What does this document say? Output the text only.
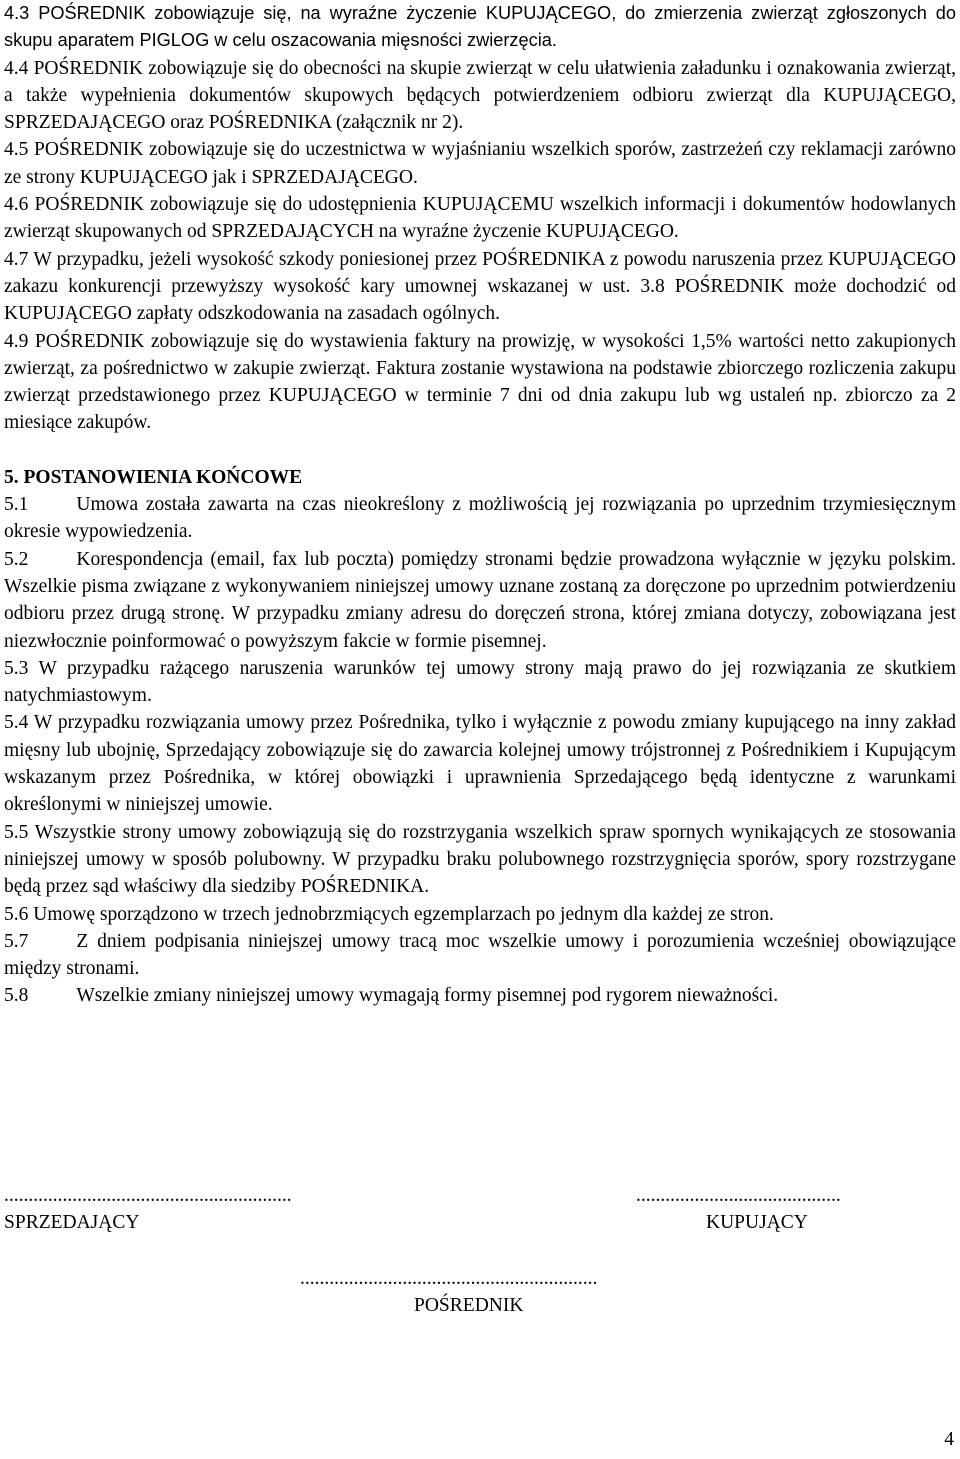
4.3 POŚREDNIK zobowiązuje się, na wyraźne życzenie KUPUJĄCEGO, do zmierzenia zwierząt zgłoszonych do skupu aparatem PIGLOG w celu oszacowania mięsności zwierzęcia.

4.4 POŚREDNIK zobowiązuje się do obecności na skupie zwierząt w celu ułatwienia załadunku i oznakowania zwierząt, a także wypełnienia dokumentów skupowych będących potwierdzeniem odbioru zwierząt dla KUPUJĄCEGO, SPRZEDAJĄCEGO oraz POŚREDNIKA (załącznik nr 2).

4.5 POŚREDNIK zobowiązuje się do uczestnictwa w wyjaśnianiu wszelkich sporów, zastrzeżeń czy reklamacji zarówno ze strony KUPUJĄCEGO jak i SPRZEDAJĄCEGO.

4.6 POŚREDNIK zobowiązuje się do udostępnienia KUPUJĄCEMU wszelkich informacji i dokumentów hodowlanych zwierząt skupowanych od SPRZEDAJĄCYCH na wyraźne życzenie KUPUJĄCEGO.

4.7 W przypadku, jeżeli wysokość szkody poniesionej przez POŚREDNIKA z powodu naruszenia przez KUPUJĄCEGO zakazu konkurencji przewyższy wysokość kary umownej wskazanej w ust. 3.8 POŚREDNIK może dochodzić od KUPUJĄCEGO zapłaty odszkodowania na zasadach ogólnych.

4.9 POŚREDNIK zobowiązuje się do wystawienia faktury na prowizję, w wysokości 1,5% wartości netto zakupionych zwierząt, za pośrednictwo w zakupie zwierząt. Faktura zostanie wystawiona na podstawie zbiorczego rozliczenia zakupu zwierząt przedstawionego przez KUPUJĄCEGO w terminie 7 dni od dnia zakupu lub wg ustaleń np. zbiorczo za 2 miesiące zakupów.

5. POSTANOWIENIA KOŃCOWE

5.1 Umowa została zawarta na czas nieokreślony z możliwością jej rozwiązania po uprzednim trzymiesięcznym okresie wypowiedzenia.
5.2 Korespondencja (email, fax lub poczta) pomiędzy stronami będzie prowadzona wyłącznie w języku polskim. Wszelkie pisma związane z wykonywaniem niniejszej umowy uznane zostaną za doręczone po uprzednim potwierdzeniu odbioru przez drugą stronę. W przypadku zmiany adresu do doręczeń strona, której zmiana dotyczy, zobowiązana jest niezwłocznie poinformować o powyższym fakcie w formie pisemnej.
5.3 W przypadku rażącego naruszenia warunków tej umowy strony mają prawo do jej rozwiązania ze skutkiem natychmiastowym.
5.4 W przypadku rozwiązania umowy przez Pośrednika, tylko i wyłącznie z powodu zmiany kupującego na inny zakład mięsny lub ubojnię, Sprzedający zobowiązuje się do zawarcia kolejnej umowy trójstronnej z Pośrednikiem i Kupującym wskazanym przez Pośrednika, w której obowiązki i uprawnienia Sprzedającego będą identyczne z warunkami określonymi w niniejszej umowie.
5.5 Wszystkie strony umowy zobowiązują się do rozstrzygania wszelkich spraw spornych wynikających ze stosowania niniejszej umowy w sposób polubowny. W przypadku braku polubownego rozstrzygnięcia sporów, spory rozstrzygane będą przez sąd właściwy dla siedziby POŚREDNIKA.
5.6 Umowę sporządzono w trzech jednobrzmiących egzemplarzach po jednym dla każdej ze stron.
5.7 Z dniem podpisania niniejszej umowy tracą moc wszelkie umowy i porozumienia wcześniej obowiązujące między stronami.
5.8 Wszelkie zmiany niniejszej umowy wymagają formy pisemnej pod rygorem nieważności.
...........................................................
SPRZEDAJĄCY
..........................................
KUPUJĄCY
.............................................................
POŚREDNIK
4
